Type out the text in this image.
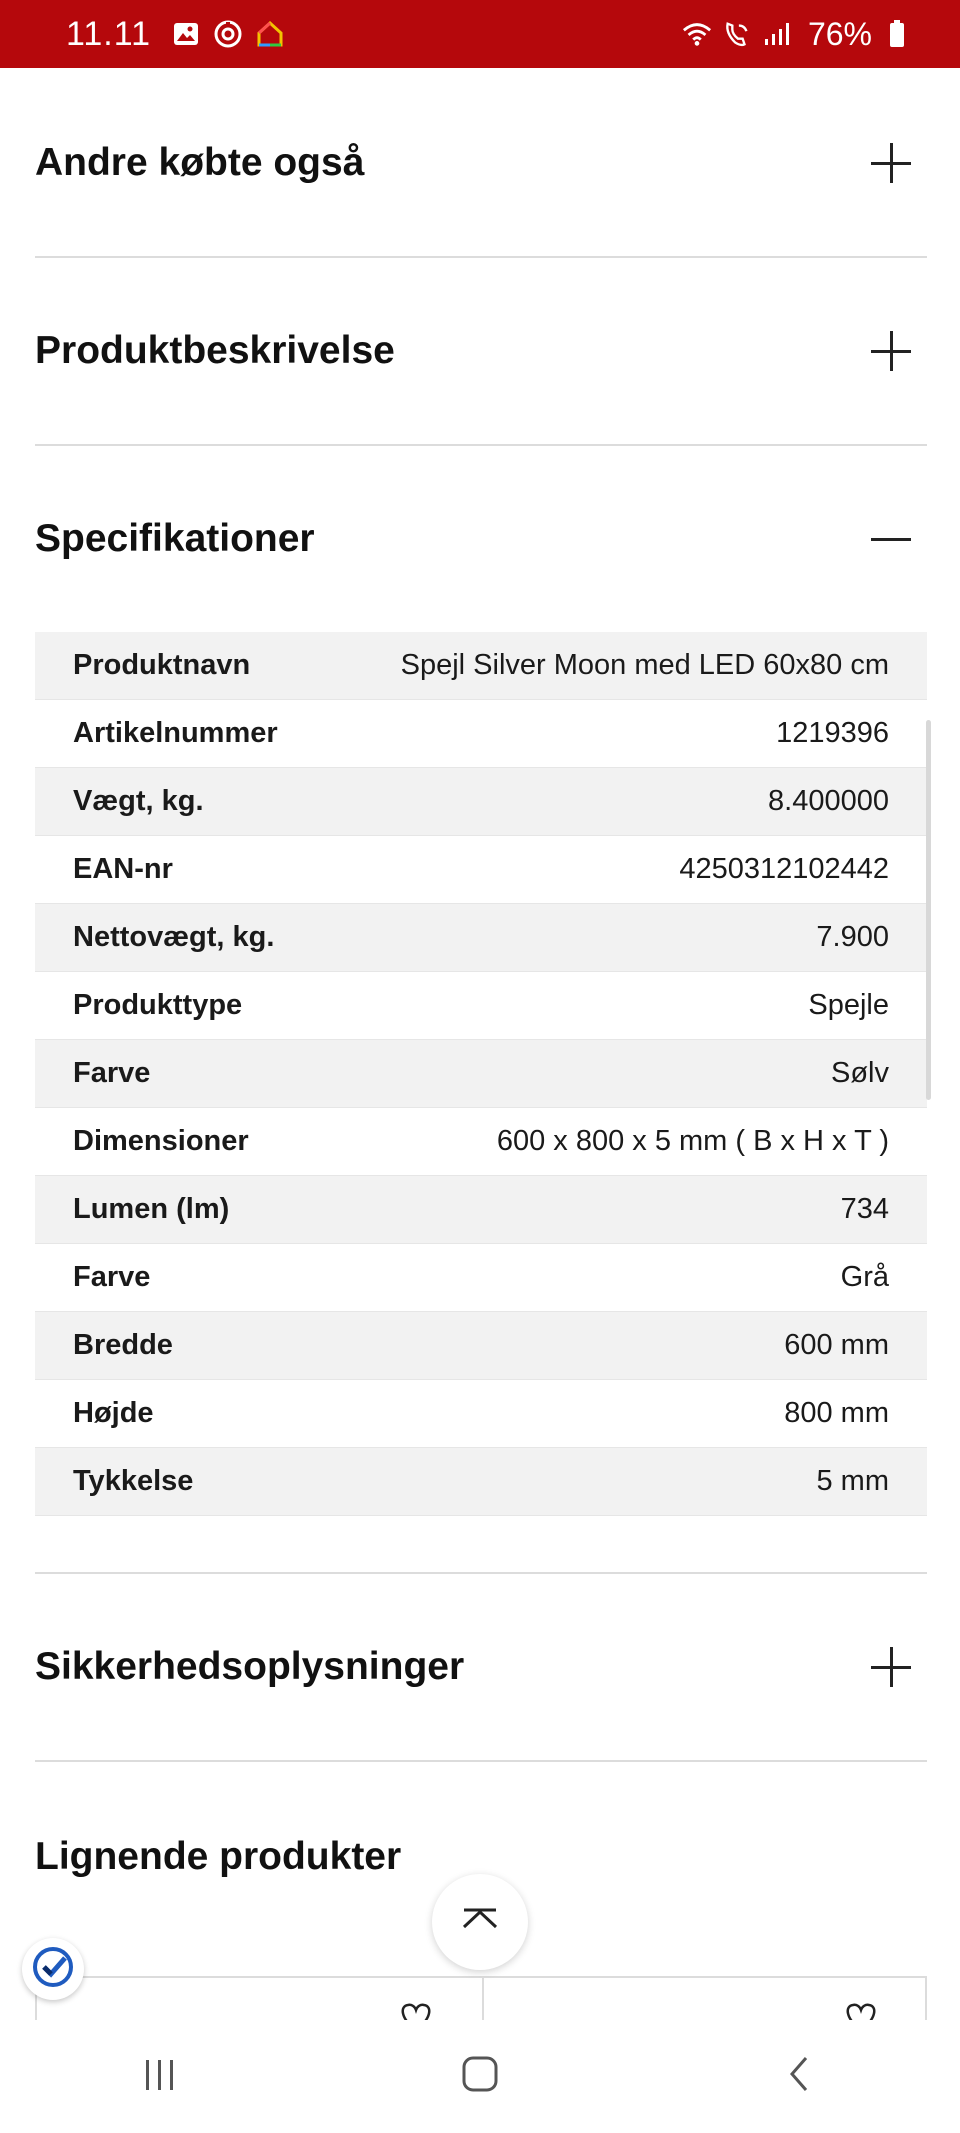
11.11	76%
Andre købte også
Produktbeskrivelse
Specifikationer
Produktnavn	Spejl Silver Moon med LED 60x80 cm
Artikelnummer	1219396
Vægt, kg.	8.400000
EAN-nr	4250312102442
Nettovægt, kg.	7.900
Produkttype	Spejle
Farve	Sølv
Dimensioner	600 x 800 x 5 mm ( B x H x T )
Lumen (lm)	734
Farve	Grå
Bredde	600 mm
Højde	800 mm
Tykkelse	5 mm
Sikkerhedsoplysninger
Lignende produkter
